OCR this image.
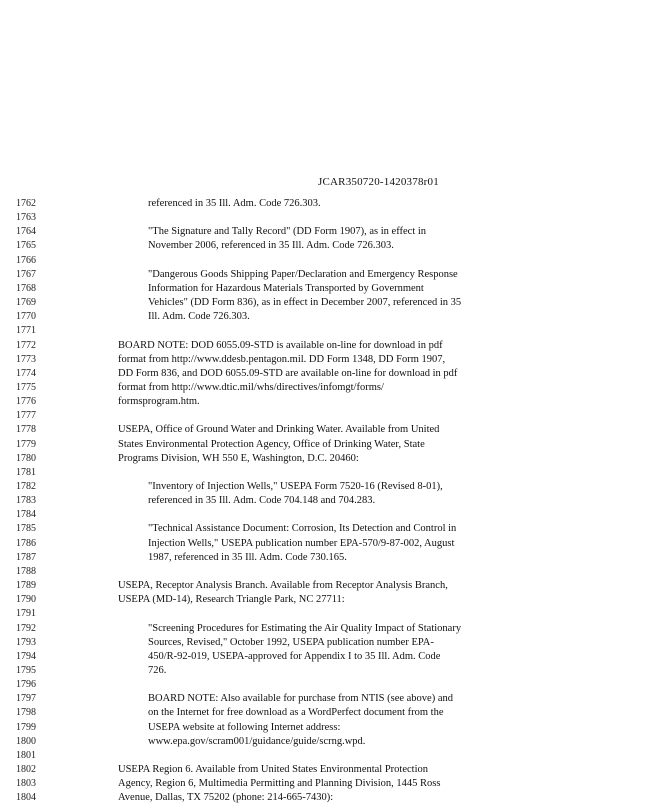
JCAR350720-1420378r01
1762	referenced in 35 Ill. Adm. Code 726.303.
1763
1764	"The Signature and Tally Record" (DD Form 1907), as in effect in
1765	November 2006, referenced in 35 Ill. Adm. Code 726.303.
1766
1767	"Dangerous Goods Shipping Paper/Declaration and Emergency Response
1768	Information for Hazardous Materials Transported by Government
1769	Vehicles" (DD Form 836), as in effect in December 2007, referenced in 35
1770	Ill. Adm. Code 726.303.
1771
1772	BOARD NOTE: DOD 6055.09-STD is available on-line for download in pdf
1773	format from http://www.ddesb.pentagon.mil. DD Form 1348, DD Form 1907,
1774	DD Form 836, and DOD 6055.09-STD are available on-line for download in pdf
1775	format from http://www.dtic.mil/whs/directives/infomgt/forms/
1776	formsprogram.htm.
1777
1778	USEPA, Office of Ground Water and Drinking Water. Available from United
1779	States Environmental Protection Agency, Office of Drinking Water, State
1780	Programs Division, WH 550 E, Washington, D.C. 20460:
1781
1782	"Inventory of Injection Wells," USEPA Form 7520-16 (Revised 8-01),
1783	referenced in 35 Ill. Adm. Code 704.148 and 704.283.
1784
1785	"Technical Assistance Document: Corrosion, Its Detection and Control in
1786	Injection Wells," USEPA publication number EPA-570/9-87-002, August
1787	1987, referenced in 35 Ill. Adm. Code 730.165.
1788
1789	USEPA, Receptor Analysis Branch. Available from Receptor Analysis Branch,
1790	USEPA (MD-14), Research Triangle Park, NC 27711:
1791
1792	"Screening Procedures for Estimating the Air Quality Impact of Stationary
1793	Sources, Revised," October 1992, USEPA publication number EPA-
1794	450/R-92-019, USEPA-approved for Appendix I to 35 Ill. Adm. Code
1795	726.
1796
1797	BOARD NOTE: Also available for purchase from NTIS (see above) and
1798	on the Internet for free download as a WordPerfect document from the
1799	USEPA website at following Internet address:
1800	www.epa.gov/scram001/guidance/guide/scrng.wpd.
1801
1802	USEPA Region 6. Available from United States Environmental Protection
1803	Agency, Region 6, Multimedia Permitting and Planning Division, 1445 Ross
1804	Avenue, Dallas, TX 75202 (phone: 214-665-7430):
